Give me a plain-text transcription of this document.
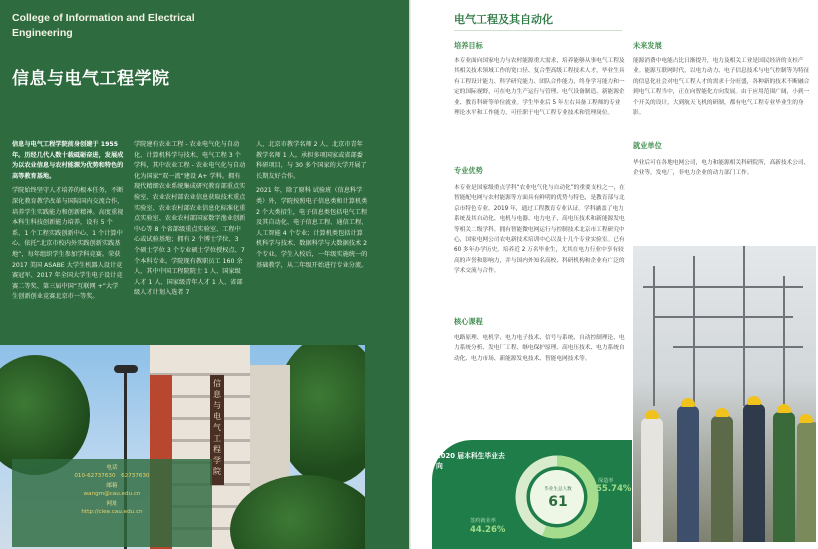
College of Information and Electrical Engineering
信息与电气工程学院

信息与电气工程学院前身创建于 1955 年。历经几代人数十载砥砺奋进，发展成为以农业信息与农村能源为优势和特色的高等教育基地。

学院始终坚守人才培养的根本任务，不断深化教育教学改革与国际国内交流合作，培养学生实践能力和创新精神。高度重视本科生科技创新能力培养，设有 5 个系、1 个工程实践创新中心、1 个计算中心。依托“北京市校内外实践创新实践基地”，每年组织学生参加学科竞赛。荣获 2017 美国 ASABE 大学生机器人设计竞赛冠军、2017 年全国大学生电子设计竞赛二等奖、第三届中国“互联网 +”大学生创新创业竞赛北京市一等奖。

学院建有农业工程 - 农业电气化与自动化、计算机科学与技术、电气工程 3 个学科，其中农业工程 - 农业电气化与自动化为国家“双一流”建设 A+ 学科。拥有现代精细农业系统集成研究教育部重点实验室、农业农村部农业信息获取技术重点实验室、农业农村部农业信息化标准化重点实验室、农业农村部国家数字渔业创新中心等 8 个省部级重点实验室、工程中心或试验基地；拥有 2 个博士学位、3 个硕士学位 3 个专业硕士学位授权点、7 个本科专业。学院现有教职员工 160 余人，其中中国工程院院士 1 人、国家级人才 1 人、国家级青年人才 1 人、省部级人才计划入选者 7

人，北京市教学名师 2 人、北京市青年教学名师 1 人。承担多项国家或省部委科研项目，与 30 多个国家的大学开展了长期友好合作。

2021 年，除了原科 试验班（信息科学类）外，学院按照电子信息类和计算机类 2 个大类招生，电子信息类包括电气工程及其自动化、电子信息工程、通信工程、人工智能 4 个专业；计算机类包括计算机科学与技术、数据科学与大数据技术 2 个专业。学生入校后，一年级实施统一的基础教学，从二年级开始进行专业分流。

信
息
与
电
气
工
程
学
院
电话
010-62737630　62737630
邮箱
wangm@cau.edu.cn
网址
http://ciee.cau.edu.cn
电气工程及其自动化
培养目标
本专业面向国家电力与农村能源重大需求，培养能够从事电气工程及其相关技术领域工作的宽口径、复合型高级工程技术人才，毕业生具有工程设计能力、科学研究能力、团队合作能力、终身学习能力和一定的国际视野，可在电力生产运行与管理、电气设备制造、新能源企业、教育科研等单位就业。学生毕业后 5 年左右具备工程师的专业理论水平和工作能力，可任职于电气工程专业技术和管理岗位。
专业优势
本专业是国家级重点学科“农业电气化与自动化”的重要支柱之一，在智能配电网与农村能源等方面具有鲜明的优势与特色，是教育部与北京市特色专业。2019 年，通过工程教育专业认证。学科涵盖了电力系统及其自动化、电机与电器、电力电子、高电压技术和新能源发电等相关二级学科。拥有智能微电网运行与控制技术北京市工程研究中心，国家电网公司农电新技术培训中心以及十几个专业实验室。已有 60 多年办学历史，培养近 2 万名毕业生，尤其在电力行业中享有较高的声誉和影响力，并与国内外知名高校、科研机构和企业有广泛的学术交流与合作。
核心课程
电路原理、电机学、电力电子技术、信号与系统、自动控制理论、电力系统分析、发电厂工程、继电保护原理、高电压技术、电力系统自动化、电力市场、新能源发电技术、智能电网技术等。
未来发展
能源消费中电能占比日渐提升，电力及相关工业是国民经济的支柱产业。能源互联网时代，以电力动力、电子信息技术与电气控制等为特征的信息化社会对电气工程人才的需求十分旺盛，各种新的技术不断融合到电气工程当中，正在向智能化方向发展。由于应用范围广阔，小到一个开关的设计，大到航天飞机的研制，都有电气工程专业毕业生的身影。
就业单位
毕业后可在各地电网公司，电力和能源相关科研院所，高新技术公司、企业等，发电厂，非电力企业的动力部门工作。
2020 届本科生毕业去向
毕业生总人数
61
深造率
55.74%
签约就业率
44.26%
